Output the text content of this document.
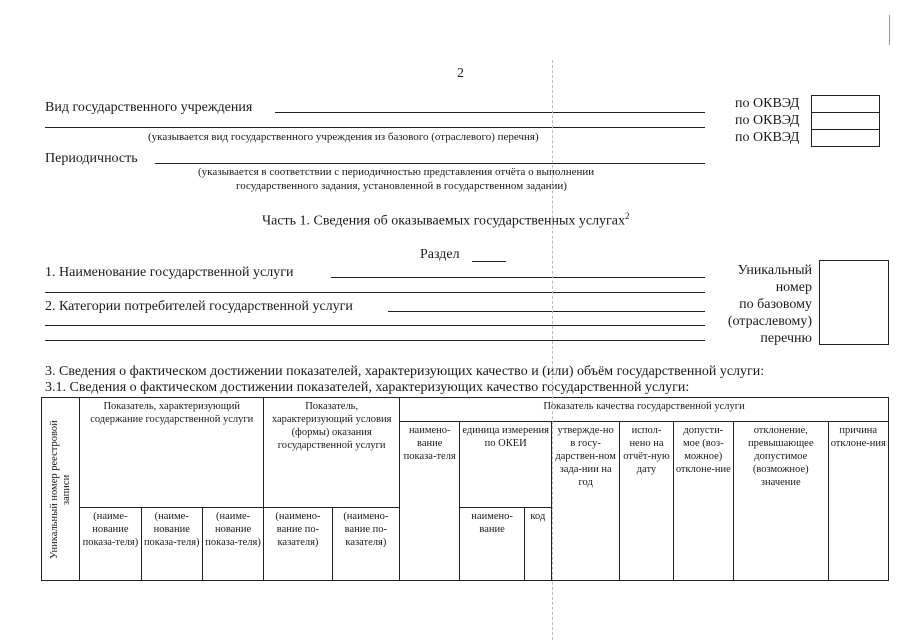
2
Вид государственного учреждения
(указывается вид государственного учреждения из базового (отраслевого) перечня)
по ОКВЭД
по ОКВЭД
по ОКВЭД
Периодичность
(указывается в соответствии с периодичностью представления отчёта о выполнении
государственного задания, установленной в государственном задании)
Часть 1. Сведения об оказываемых государственных услугах$^2$
Раздел
1. Наименование государственной услуги
2. Категории потребителей государственной услуги
Уникальный
номер
по базовому
(отраслевому)
перечню
3. Сведения о фактическом достижении показателей, характеризующих качество и (или) объём государственной услуги:
3.1. Сведения о фактическом достижении показателей, характеризующих качество государственной услуги:
Уникальный номер реестровой записи	Показатель, характеризующий содержание государственной услуги			Показатель, характеризующий условия (формы) оказания государственной услуги		Показатель качества государственной услуги							
						наимено-вание показа-теля	единица измерения по ОКЕИ		утвержде-но в госу-дарствен-ном зада-нии на год	испол-нено на отчёт-ную дату	допусти-мое (воз-можное) отклоне-ние	отклонение, превышающее допустимое (возможное) значение	причина отклоне-ния
	(наиме-нование показа-теля)	(наиме-нование показа-теля)	(наиме-нование показа-теля)	(наимено-вание по-казателя)	(наимено-вание по-казателя)		наимено-вание	код					
